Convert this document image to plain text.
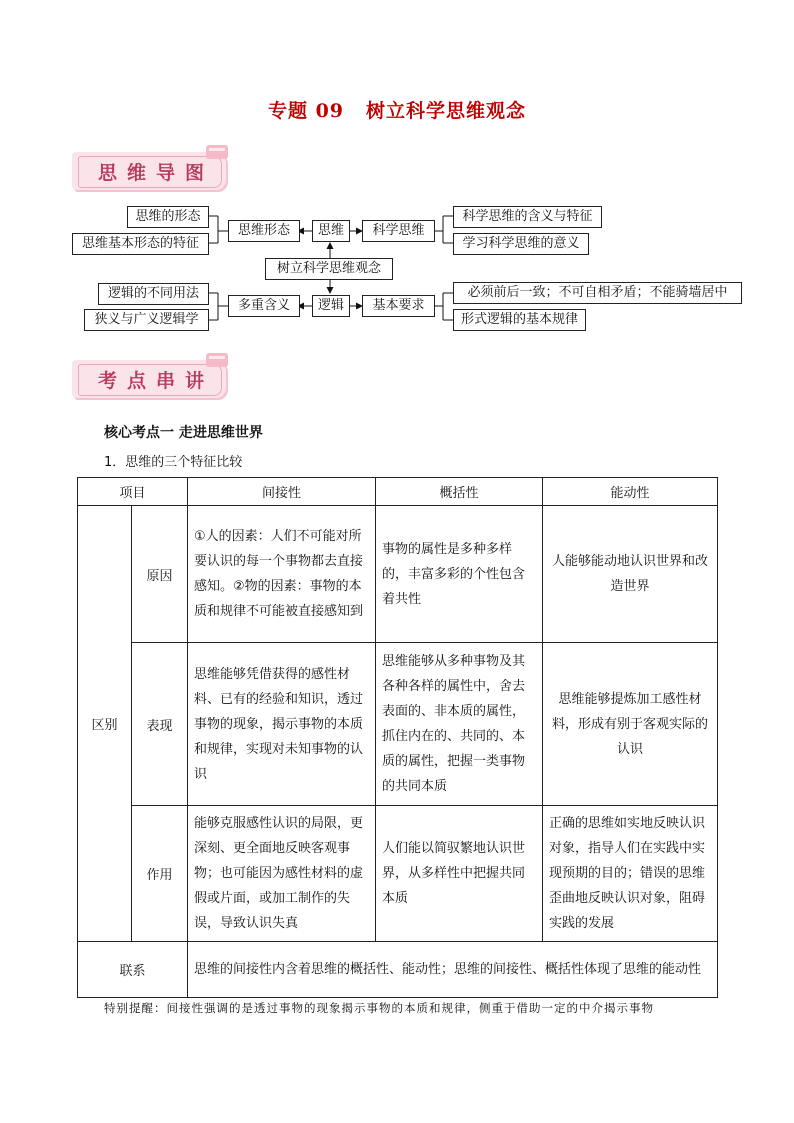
专题 09 树立科学思维观念
思维导图
思维的形态
思维基本形态的特征
思维形态	思维	科学思维
科学思维的含义与特征
学习科学思维的意义
树立科学思维观念
逻辑的不同用法
狭义与广义逻辑学
多重含义	逻辑	基本要求
必须前后一致；不可自相矛盾；不能骑墙居中
形式逻辑的基本规律
考点串讲
核心考点一 走进思维世界
1．思维的三个特征比较
项目		间接性	概括性	能动性
区别	原因	①人的因素：人们不可能对所要认识的每一个事物都去直接感知。②物的因素：事物的本质和规律不可能被直接感知到	事物的属性是多种多样的，丰富多彩的个性包含着共性	人能够能动地认识世界和改造世界
	表现	思维能够凭借获得的感性材料、已有的经验和知识，透过事物的现象，揭示事物的本质和规律，实现对未知事物的认识	思维能够从多种事物及其各种各样的属性中，舍去表面的、非本质的属性，抓住内在的、共同的、本质的属性，把握一类事物的共同本质	思维能够提炼加工感性材料，形成有别于客观实际的认识
	作用	能够克服感性认识的局限，更深刻、更全面地反映客观事物；也可能因为感性材料的虚假或片面，或加工制作的失误，导致认识失真	人们能以简驭繁地认识世界，从多样性中把握共同本质	正确的思维如实地反映认识对象，指导人们在实践中实现预期的目的；错误的思维歪曲地反映认识对象，阻碍实践的发展
联系		思维的间接性内含着思维的概括性、能动性；思维的间接性、概括性体现了思维的能动性		
特别提醒：间接性强调的是透过事物的现象揭示事物的本质和规律，侧重于借助一定的中介揭示事物
